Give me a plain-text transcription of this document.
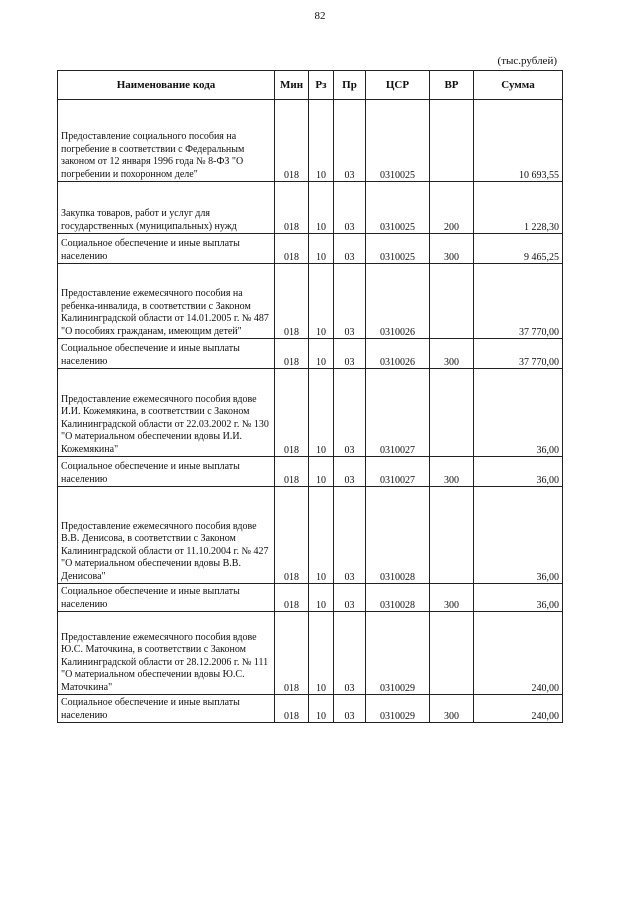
82
(тыс.рублей)
Наименование кода	Мин	Рз	Пр	ЦСР	ВР	Сумма
Предоставление социального пособия на погребение в соответствии с Федеральным законом от 12 января 1996 года № 8-ФЗ "О погребении и похоронном деле"	018	10	03	0310025		10 693,55
Закупка товаров, работ и услуг для государственных (муниципальных) нужд	018	10	03	0310025	200	1 228,30
Социальное обеспечение и иные выплаты населению	018	10	03	0310025	300	9 465,25
Предоставление ежемесячного пособия на ребенка-инвалида, в соответствии с Законом Калининградской области от 14.01.2005 г. № 487 "О пособиях гражданам, имеющим детей"	018	10	03	0310026		37 770,00
Социальное обеспечение и иные выплаты населению	018	10	03	0310026	300	37 770,00
Предоставление ежемесячного пособия вдове И.И. Кожемякина, в соответствии с Законом Калининградской области от 22.03.2002 г. № 130 "О материальном обеспечении вдовы И.И. Кожемякина"	018	10	03	0310027		36,00
Социальное обеспечение и иные выплаты населению	018	10	03	0310027	300	36,00
Предоставление ежемесячного пособия вдове В.В. Денисова, в соответствии с Законом Калининградской области от 11.10.2004 г. № 427 "О материальном обеспечении вдовы В.В. Денисова"	018	10	03	0310028		36,00
Социальное обеспечение и иные выплаты населению	018	10	03	0310028	300	36,00
Предоставление ежемесячного пособия вдове Ю.С. Маточкина, в соответствии с Законом Калининградской области от 28.12.2006 г. № 111 "О материальном обеспечении вдовы Ю.С. Маточкина"	018	10	03	0310029		240,00
Социальное обеспечение и иные выплаты населению	018	10	03	0310029	300	240,00
